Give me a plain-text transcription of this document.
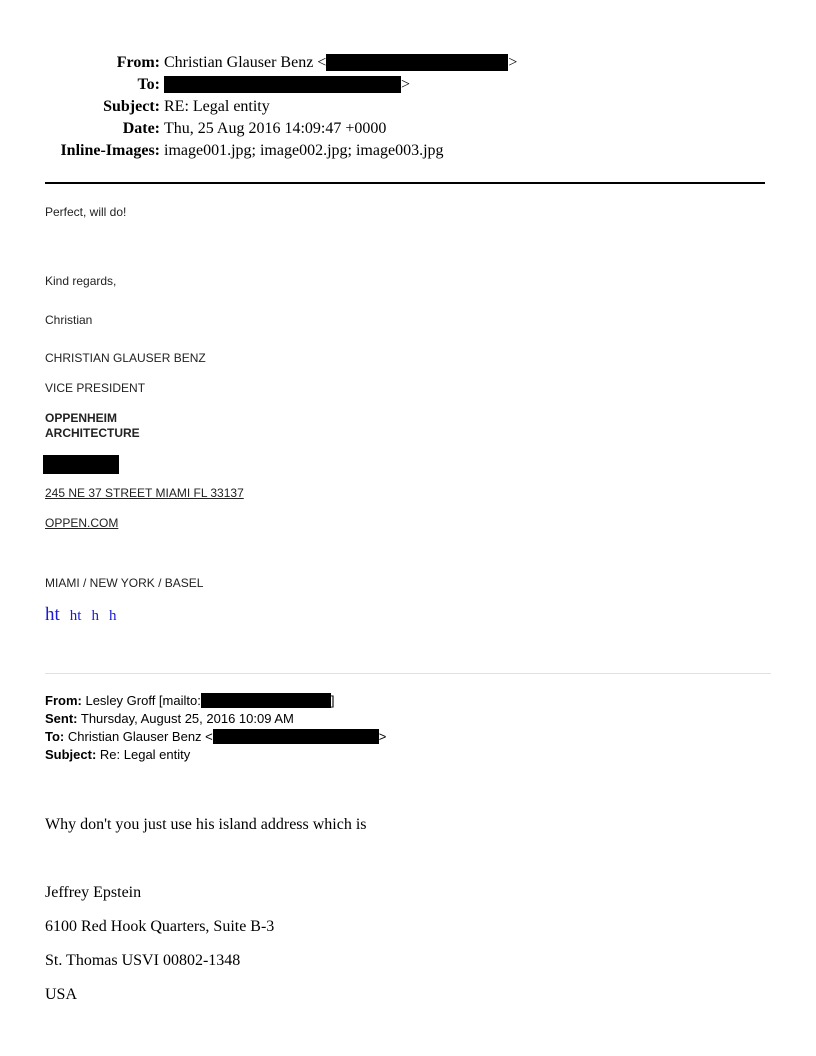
From: Christian Glauser Benz <	>
To:	>
Subject: RE: Legal entity
Date: Thu, 25 Aug 2016 14:09:47 +0000
Inline-Images: image001.jpg; image002.jpg; image003.jpg

Perfect, will do!

Kind regards,

Christian

CHRISTIAN GLAUSER BENZ

VICE PRESIDENT

OPPENHEIM
ARCHITECTURE

245 NE 37 STREET MIAMI FL 33137

OPPEN.COM

MIAMI / NEW YORK / BASEL

ht ht h h
From: Lesley Groff [mailto:	]
Sent: Thursday, August 25, 2016 10:09 AM
To: Christian Glauser Benz <	>
Subject: Re: Legal entity
Why don't you just use his island address which is
Jeffrey Epstein
6100 Red Hook Quarters, Suite B-3
St. Thomas USVI 00802-1348
USA
